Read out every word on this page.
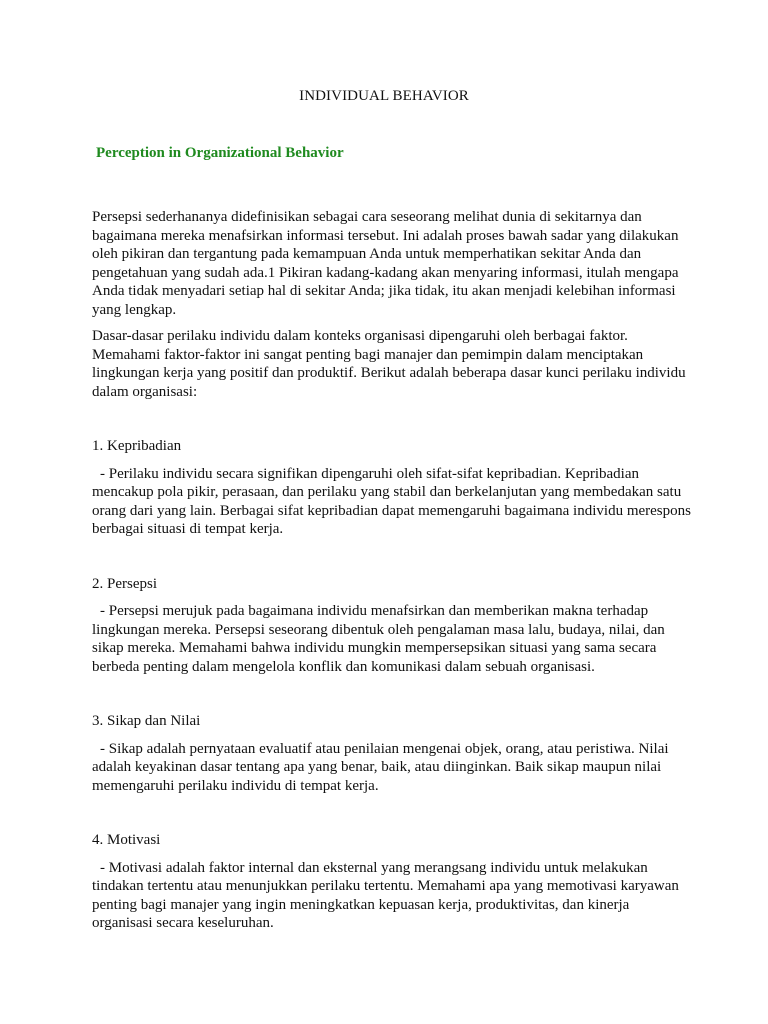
INDIVIDUAL BEHAVIOR
Perception in Organizational Behavior

Persepsi sederhananya didefinisikan sebagai cara seseorang melihat dunia di sekitarnya dan bagaimana mereka menafsirkan informasi tersebut. Ini adalah proses bawah sadar yang dilakukan oleh pikiran dan tergantung pada kemampuan Anda untuk memperhatikan sekitar Anda dan pengetahuan yang sudah ada.1 Pikiran kadang-kadang akan menyaring informasi, itulah mengapa Anda tidak menyadari setiap hal di sekitar Anda; jika tidak, itu akan menjadi kelebihan informasi yang lengkap.

Dasar-dasar perilaku individu dalam konteks organisasi dipengaruhi oleh berbagai faktor. Memahami faktor-faktor ini sangat penting bagi manajer dan pemimpin dalam menciptakan lingkungan kerja yang positif dan produktif. Berikut adalah beberapa dasar kunci perilaku individu dalam organisasi:

1. Kepribadian

- Perilaku individu secara signifikan dipengaruhi oleh sifat-sifat kepribadian. Kepribadian mencakup pola pikir, perasaan, dan perilaku yang stabil dan berkelanjutan yang membedakan satu orang dari yang lain. Berbagai sifat kepribadian dapat memengaruhi bagaimana individu merespons berbagai situasi di tempat kerja.

2. Persepsi

- Persepsi merujuk pada bagaimana individu menafsirkan dan memberikan makna terhadap lingkungan mereka. Persepsi seseorang dibentuk oleh pengalaman masa lalu, budaya, nilai, dan sikap mereka. Memahami bahwa individu mungkin mempersepsikan situasi yang sama secara berbeda penting dalam mengelola konflik dan komunikasi dalam sebuah organisasi.

3. Sikap dan Nilai

- Sikap adalah pernyataan evaluatif atau penilaian mengenai objek, orang, atau peristiwa. Nilai adalah keyakinan dasar tentang apa yang benar, baik, atau diinginkan. Baik sikap maupun nilai memengaruhi perilaku individu di tempat kerja.

4. Motivasi

- Motivasi adalah faktor internal dan eksternal yang merangsang individu untuk melakukan tindakan tertentu atau menunjukkan perilaku tertentu. Memahami apa yang memotivasi karyawan penting bagi manajer yang ingin meningkatkan kepuasan kerja, produktivitas, dan kinerja organisasi secara keseluruhan.
